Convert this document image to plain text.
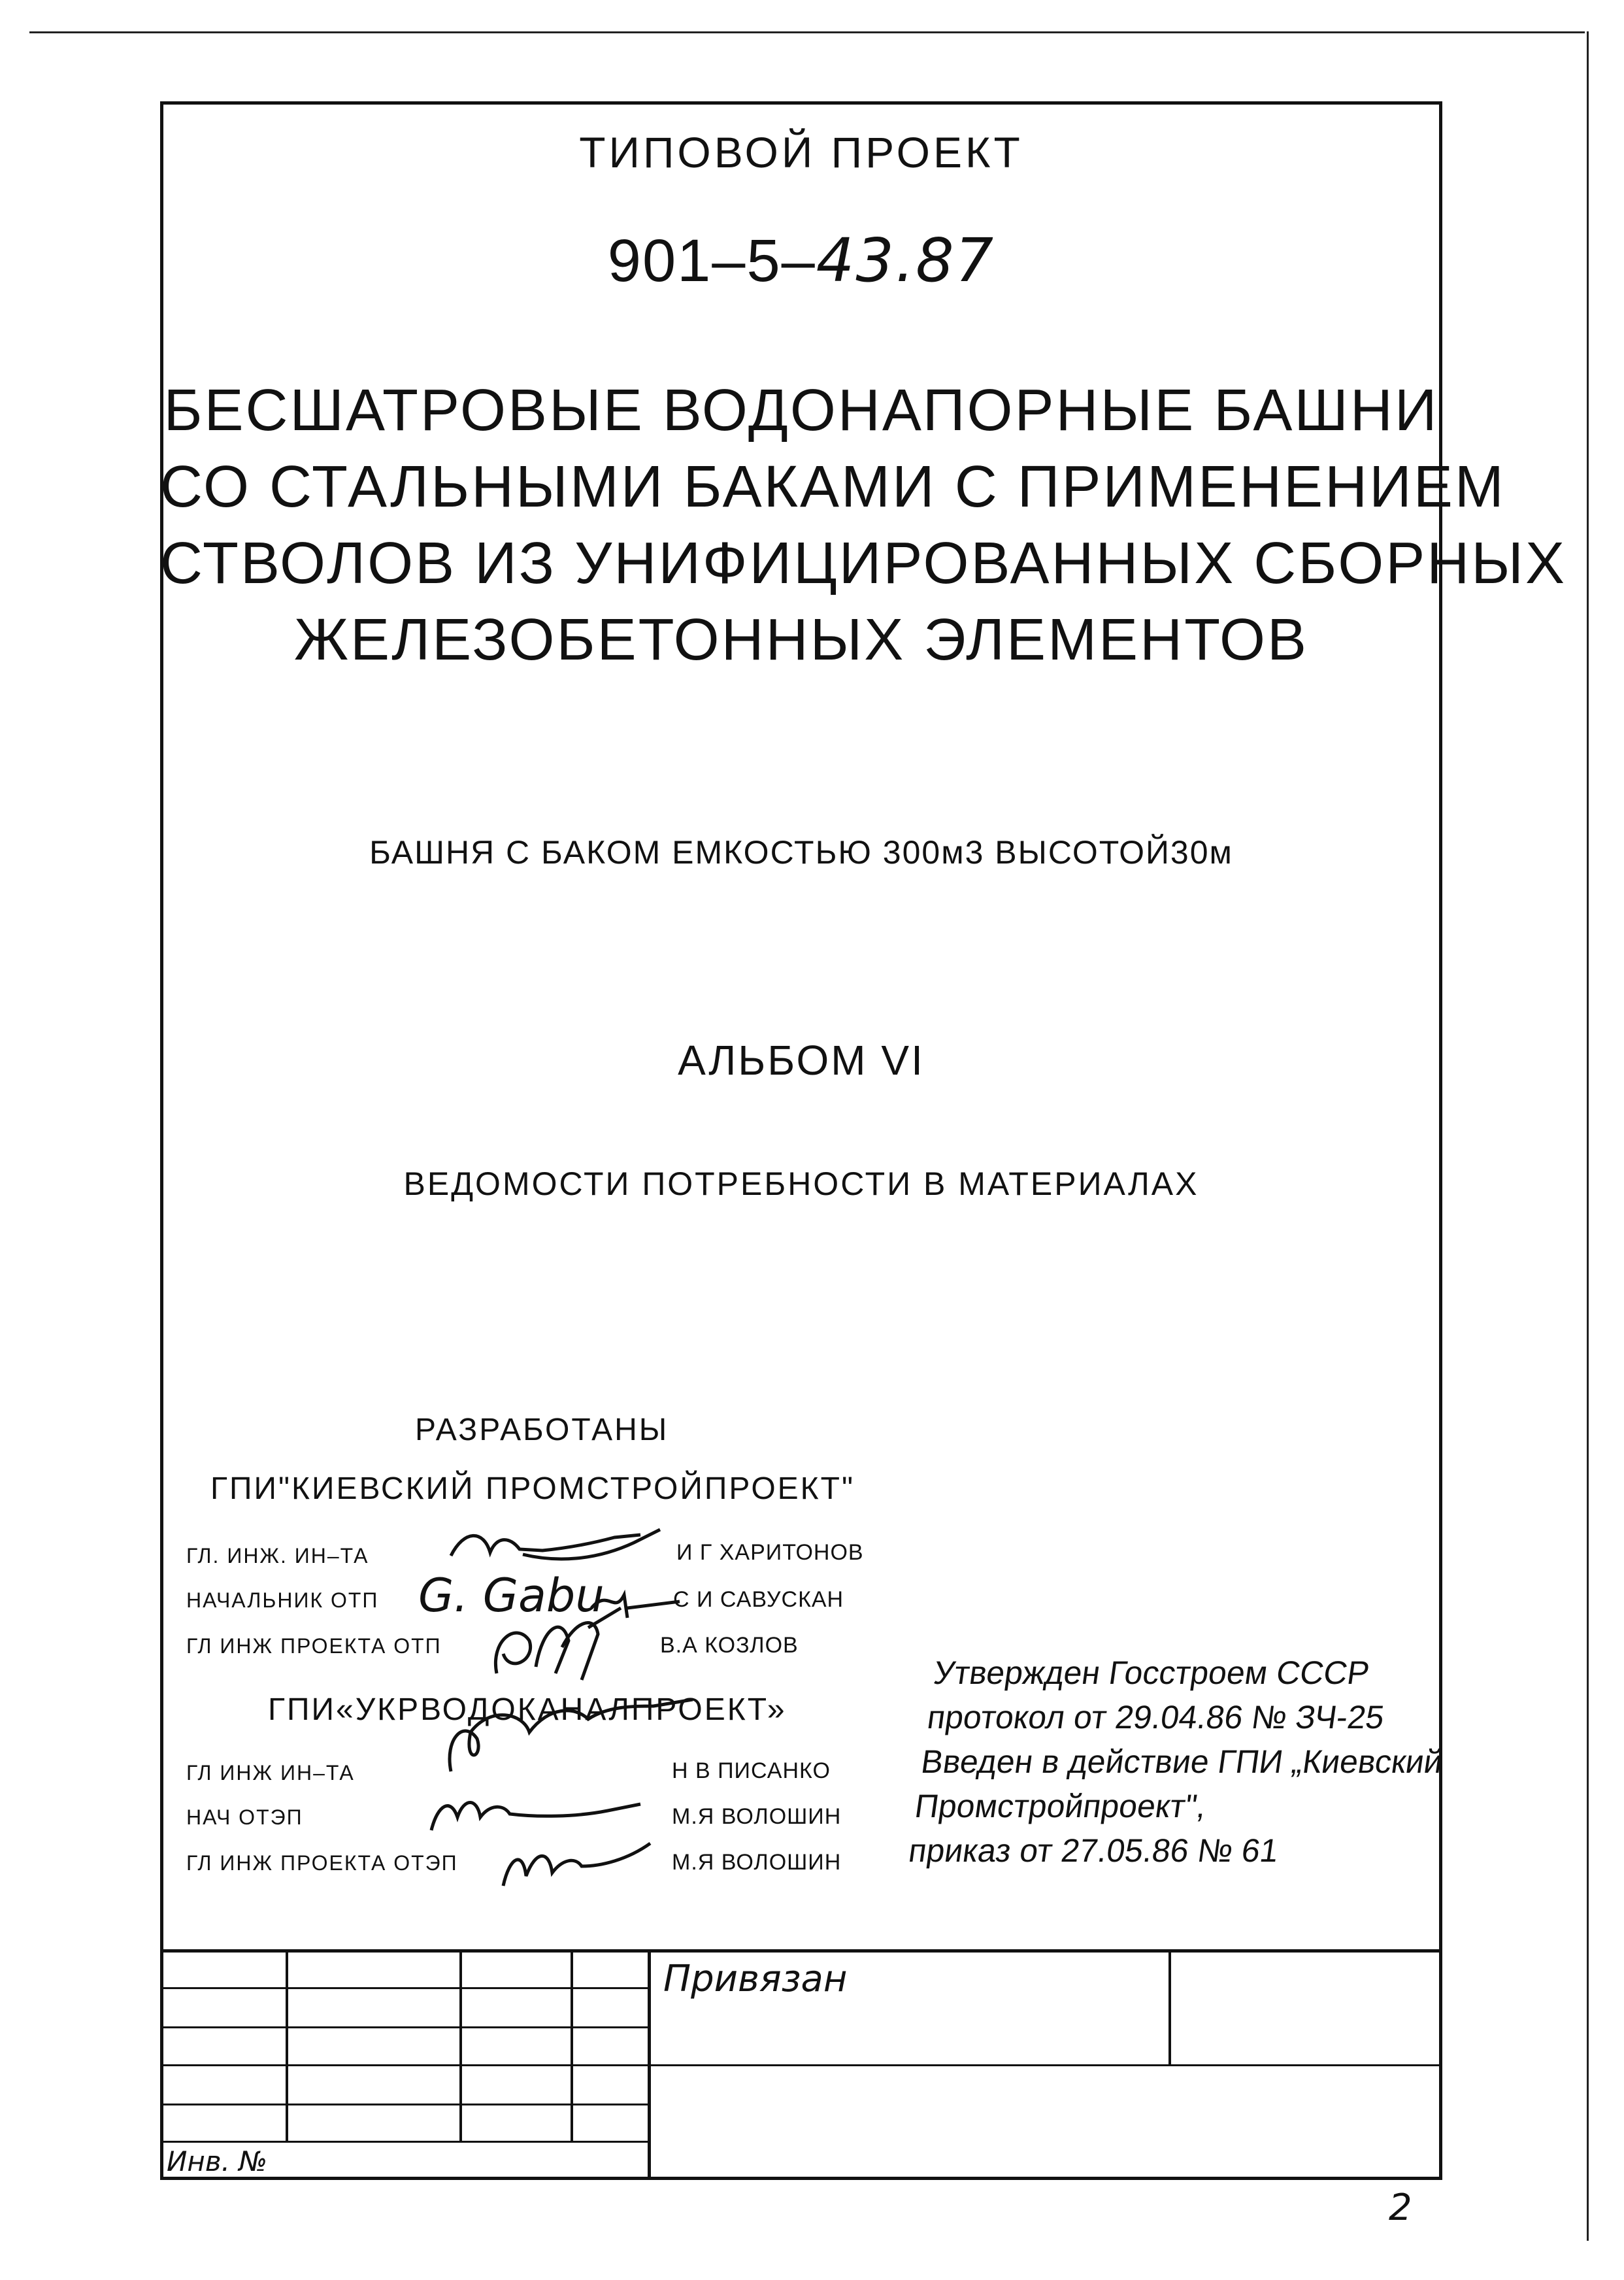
ТИПОВОЙ ПРОЕКТ
901–5–43.87
БЕСШАТРОВЫЕ ВОДОНАПОРНЫЕ БАШНИ
СО СТАЛЬНЫМИ БАКАМИ С ПРИМЕНЕНИЕМ
СТВОЛОВ ИЗ УНИФИЦИРОВАННЫХ СБОРНЫХ
ЖЕЛЕЗОБЕТОННЫХ ЭЛЕМЕНТОВ
БАШНЯ С БАКОМ ЕМКОСТЬЮ 300м3 ВЫСОТОЙ30м
АЛЬБОМ VI
ВЕДОМОСТИ ПОТРЕБНОСТИ В МАТЕРИАЛАХ
РАЗРАБОТАНЫ
ГПИ"КИЕВСКИЙ ПРОМСТРОЙПРОЕКТ"
ГЛ. ИНЖ. ИН–ТА
НАЧАЛЬНИК ОТП
ГЛ ИНЖ ПРОЕКТА ОТП
И Г ХАРИТОНОВ
С И САВУСКАН
В.А КОЗЛОВ
G. Gabu
ГПИ«УКРВОДОКАНАЛПРОЕКТ»
ГЛ ИНЖ ИН–ТА
НАЧ ОТЭП
ГЛ ИНЖ ПРОЕКТА ОТЭП
Н В ПИСАНКО
М.Я ВОЛОШИН
М.Я ВОЛОШИН
Утвержден Госстроем СССР
протокол от 29.04.86 № ЗЧ-25
Введен в действие ГПИ „Киевский
Промстройпроект",
приказ от 27.05.86 № 61
Привязан
Инв. №
2
